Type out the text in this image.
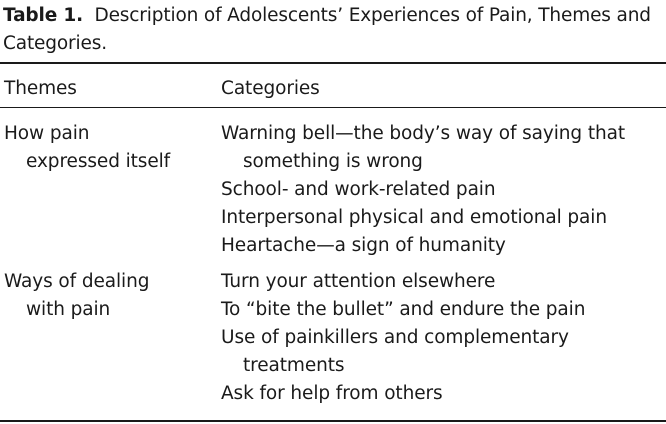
Table 1. Description of Adolescents’ Experiences of Pain, Themes and Categories.

Themes	Categories
How pain
expressed itself
Warning bell—the body’s way of saying that
something is wrong
School- and work-related pain
Interpersonal physical and emotional pain
Heartache—a sign of humanity
Ways of dealing
with pain
Turn your attention elsewhere
To “bite the bullet” and endure the pain
Use of painkillers and complementary
treatments
Ask for help from others
